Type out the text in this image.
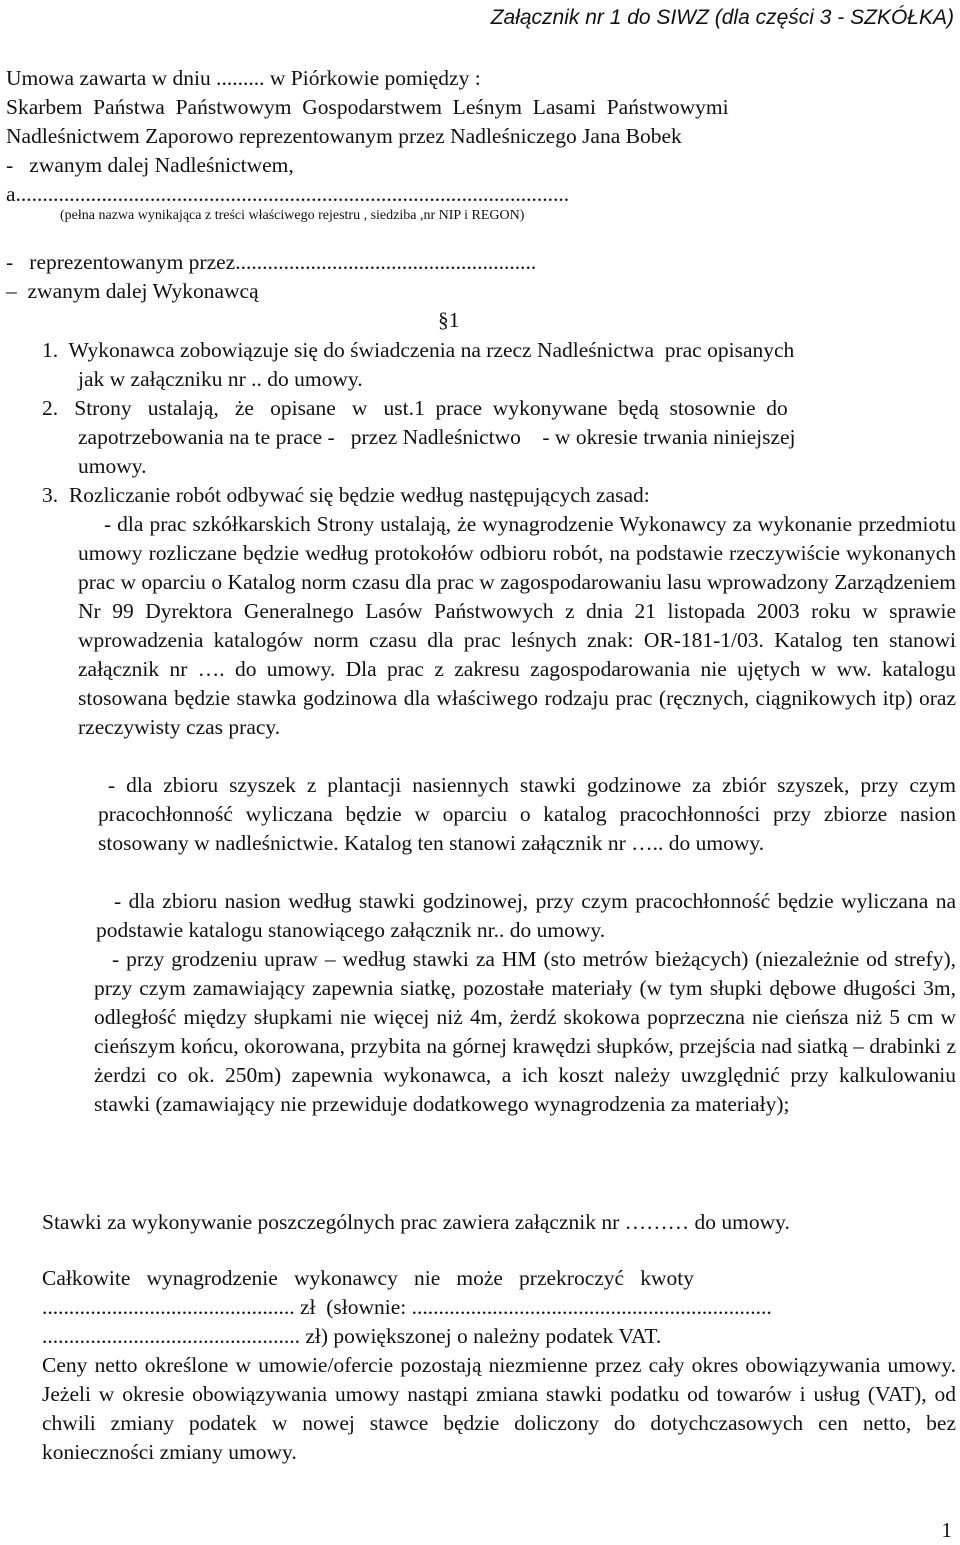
Załącznik nr 1 do SIWZ (dla części 3 - SZKÓŁKA)
Umowa zawarta w dniu ......... w Piórkowie pomiędzy :
Skarbem  Państwa  Państwowym  Gospodarstwem  Leśnym  Lasami  Państwowymi
Nadleśnictwem Zaporowo reprezentowanym przez Nadleśniczego Jana Bobek
-   zwanym dalej Nadleśnictwem,
a.......................................................................................................
(pełna nazwa wynikająca z treści właściwego rejestru , siedziba ,nr NIP i REGON)
-   reprezentowanym przez........................................................
–  zwanym dalej Wykonawcą
§1
1.  Wykonawca zobowiązuje się do świadczenia na rzecz Nadleśnictwa  prac opisanych
jak w załączniku nr .. do umowy.
2.   Strony   ustalają,   że   opisane   w   ust.1  prace  wykonywane  będą  stosownie  do
zapotrzebowania na te prace -   przez Nadleśnictwo    - w okresie trwania niniejszej
umowy.
3.  Rozliczanie robót odbywać się będzie według następujących zasad:
- dla prac szkółkarskich Strony ustalają, że wynagrodzenie Wykonawcy za wykonanie przedmiotu umowy rozliczane będzie według protokołów odbioru robót, na podstawie rzeczywiście wykonanych prac w oparciu o Katalog norm czasu dla prac w zagospodarowaniu lasu wprowadzony Zarządzeniem Nr 99 Dyrektora Generalnego Lasów Państwowych z dnia 21 listopada 2003 roku w sprawie wprowadzenia katalogów norm czasu dla prac leśnych znak: OR-181-1/03. Katalog ten stanowi załącznik nr …. do umowy. Dla prac z zakresu zagospodarowania nie ujętych w ww. katalogu stosowana będzie stawka godzinowa dla właściwego rodzaju prac (ręcznych, ciągnikowych itp) oraz rzeczywisty czas pracy.
- dla zbioru szyszek z plantacji nasiennych stawki godzinowe za zbiór szyszek, przy czym pracochłonność wyliczana będzie w oparciu o katalog pracochłonności przy zbiorze nasion stosowany w nadleśnictwie. Katalog ten stanowi załącznik nr ….. do umowy.
- dla zbioru nasion według stawki godzinowej, przy czym pracochłonność będzie wyliczana na podstawie katalogu stanowiącego załącznik nr.. do umowy.
- przy grodzeniu upraw – według stawki za HM (sto metrów bieżących) (niezależnie od strefy), przy czym zamawiający zapewnia siatkę, pozostałe materiały (w tym słupki dębowe długości 3m, odległość między słupkami nie więcej niż 4m, żerdź skokowa poprzeczna nie cieńsza niż 5 cm w cieńszym końcu, okorowana, przybita na górnej krawędzi słupków, przejścia nad siatką – drabinki z żerdzi co ok. 250m) zapewnia wykonawca, a ich koszt należy uwzględnić przy kalkulowaniu stawki (zamawiający nie przewiduje dodatkowego wynagrodzenia za materiały);
Stawki za wykonywanie poszczególnych prac zawiera załącznik nr ……… do umowy.
Całkowite   wynagrodzenie   wykonawcy   nie   może   przekroczyć   kwoty
............................................... zł  (słownie: ...................................................................
................................................ zł) powiększonej o należny podatek VAT.
Ceny netto określone w umowie/ofercie pozostają niezmienne przez cały okres obowiązywania umowy. Jeżeli w okresie obowiązywania umowy nastąpi zmiana stawki podatku od towarów i usług (VAT), od chwili zmiany podatek w nowej stawce będzie doliczony do dotychczasowych cen netto, bez konieczności zmiany umowy.
1
